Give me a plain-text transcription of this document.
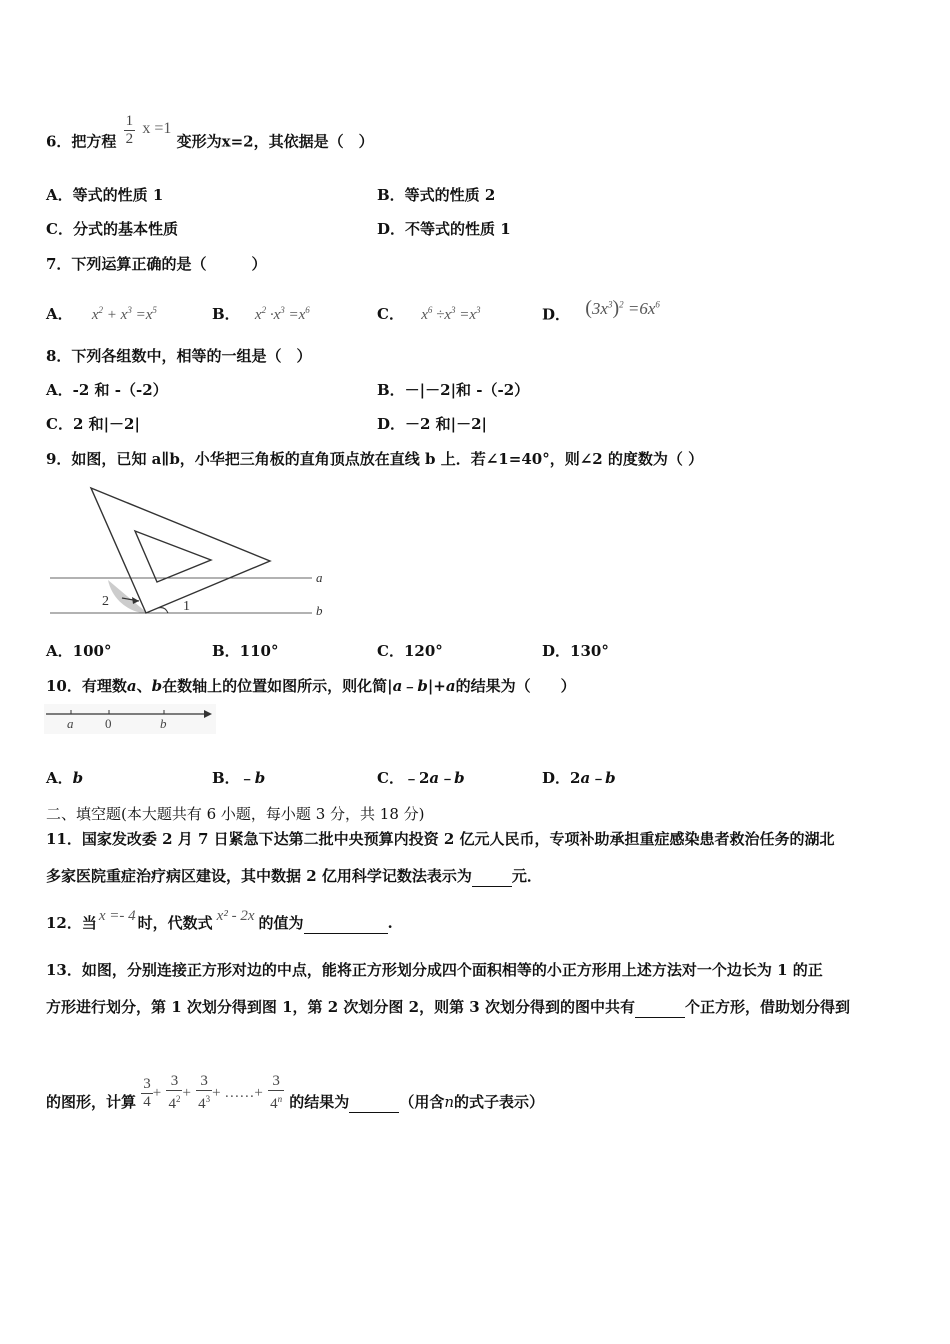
6．把方程 $\frac{1}{2}$ x =1 变形为x=2，其依据是（　）
A．等式的性质 1	B．等式的性质 2
C．分式的基本性质	D．不等式的性质 1
7．下列运算正确的是（　　　）
A． $x^2 + x^3 =x^5$	B． $x^2 \cdot x^3 =x^6$	C． $x^6 \div x^3 =x^3$	D． $(3x^3)^2 =6x^6$
8．下列各组数中，相等的一组是（　）
A．-2 和 -（-2）	B．－|－2|和 -（-2）
C．2 和|－2|	D．－2 和|－2|
9．如图，已知 a∥b，小华把三角板的直角顶点放在直线 b 上．若∠1=40°，则∠2 的度数为（ ）
a
b
2	1
A．100°	B．110°	C．120°	D．130°
10．有理数a、b在数轴上的位置如图所示，则化简|a﹣b|+a的结果为（　　）
a 0	b
A．b	B．﹣b	C．﹣2a﹣b	D．2a﹣b
二、填空题(本大题共有 6 小题，每小题 3 分，共 18 分)
11．国家发改委 2 月 7 日紧急下达第二批中央预算内投资 2 亿元人民币，专项补助承担重症感染患者救治任务的湖北
多家医院重症治疗病区建设，其中数据 2 亿用科学记数法表示为	元．
12．当 x =- 4 时，代数式 x² - 2x 的值为	.
13．如图，分别连接正方形对边的中点，能将正方形划分成四个面积相等的小正方形用上述方法对一个边长为 1 的正
方形进行划分，第 1 次划分得到图 1，第 2 次划分图 2，则第 3 次划分得到的图中共有	个正方形，借助划分得到
的图形，计算 $\frac{3}{4} + \frac{3}{4^2} + \frac{3}{4^3}$ + ……+ $\frac{3}{4^n}$ 的结果为	（用含n的式子表示）
